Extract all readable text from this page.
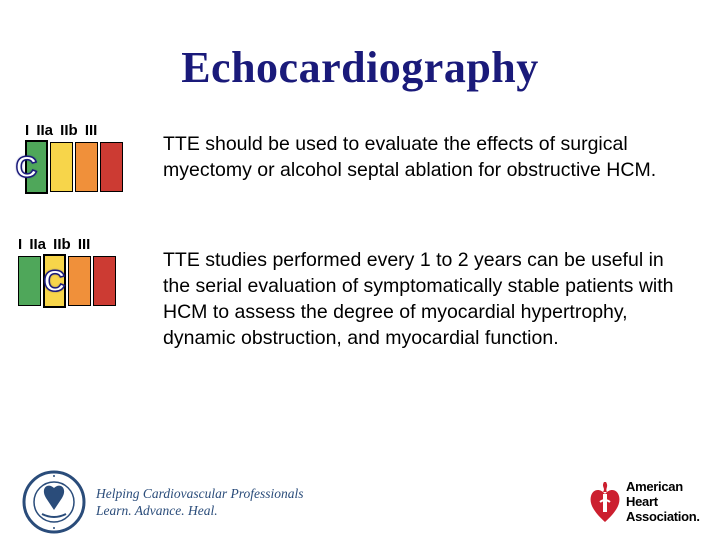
Echocardiography
I IIa IIb III
C
TTE should be used to evaluate the effects of surgical myectomy or alcohol septal ablation for obstructive HCM.
I IIa IIb III
C
TTE studies performed every 1 to 2 years can be useful in the serial evaluation of symptomatically stable patients with HCM to assess the degree of myocardial hypertrophy, dynamic obstruction, and myocardial function.
Helping Cardiovascular Professionals
Learn. Advance. Heal.
American
Heart
Association.
